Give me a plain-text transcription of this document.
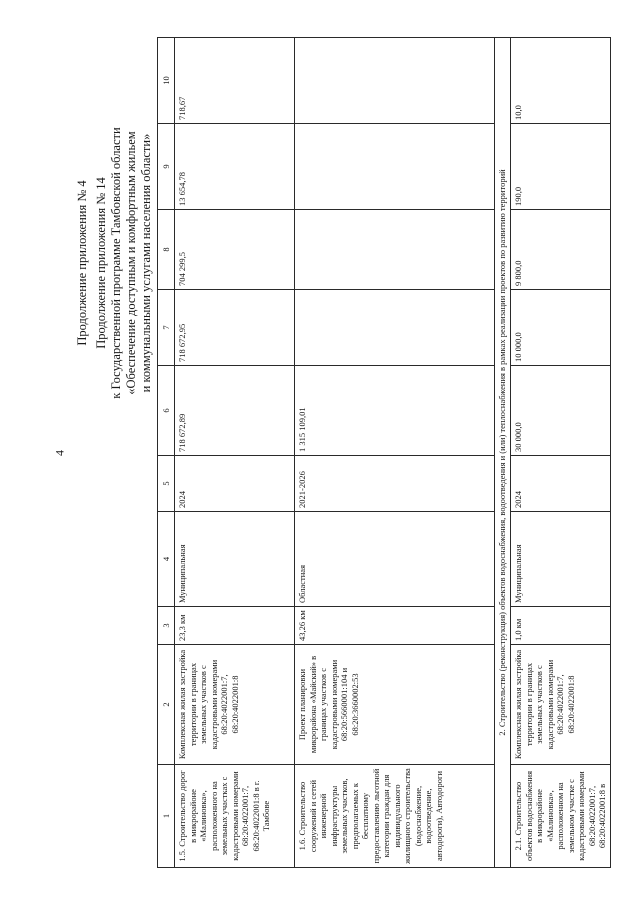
4
Продолжение приложения № 4 Продолжение приложения № 14 к Государственной программе Тамбовской области «Обеспечение доступным и комфортным жильем и коммунальными услугами населения области»
1	2	3	4	5	6	7	8	9	10
1.5. Строительство дорог в микрорайоне «Малиновка», расположенного на земельных участках с кадастровыми номерами 68:20:4022001:7, 68:20:4022001:8 в г. Тамбове	Комплексная жилая застройка территории в границах земельных участков с кадастровыми номерами 68:20:4022001:7, 68:20:4022001:8	23,3 км	Муниципальная	2024	718 672,89	718 672,95	704 299,5	13 654,78	718,67
1.6. Строительство сооружений и сетей инженерной инфраструктуры земельных участков, предполагаемых к бесплатному предоставлению льготной категории граждан для индивидуального жилищного строительства (водоснабжение, водоотведение, автодороги), Автодороги	Проект планировки микрорайона «Майский» в границах участков с кадастровыми номерами 68:20:5660001:104 и 68:20:3660002:53	43,26 км	Областная	2021-2026	1 315 109,01				
2. Строительство (реконструкция) объектов водоснабжения, водоотведения и (или) теплоснабжения в рамках реализации проектов по развитию территорий									
2.1. Строительство объектов водоснабжения в микрорайоне «Малиновка», расположенном на земельном участке с кадастровыми номерами 68:20:4022001:7, 68:20:4022001:8 в	Комплексная жилая застройка территории в границах земельных участков с кадастровыми номерами 68:20:4022001:7, 68:20:4022001:8	1,0 км	Муниципальная	2024	30 000,0	10 000,0	9 800,0	190,0	10,0
